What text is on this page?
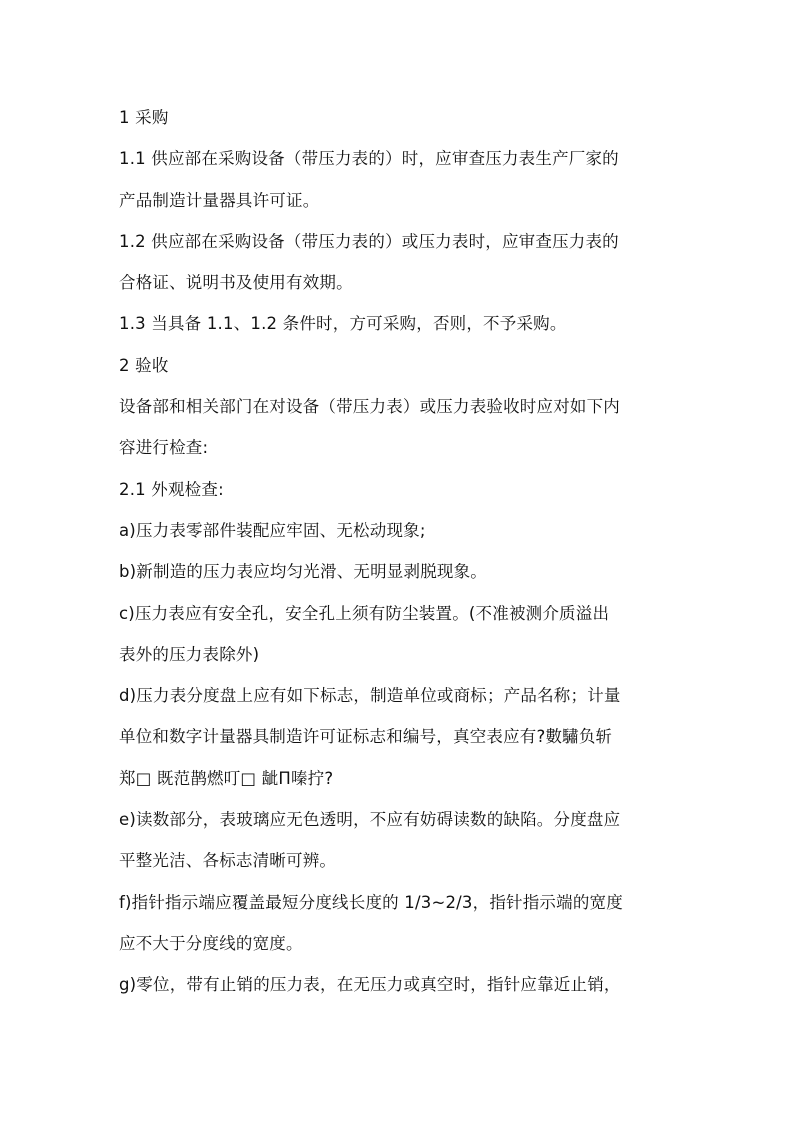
1 采购
1.1 供应部在采购设备（带压力表的）时，应审查压力表生产厂家的
产品制造计量器具许可证。
1.2 供应部在采购设备（带压力表的）或压力表时，应审查压力表的
合格证、说明书及使用有效期。
1.3 当具备 1.1、1.2 条件时，方可采购，否则，不予采购。
2 验收
设备部和相关部门在对设备（带压力表）或压力表验收时应对如下内
容进行检查:
2.1 外观检查:
a)压力表零部件装配应牢固、无松动现象;
b)新制造的压力表应均匀光滑、无明显剥脱现象。
c)压力表应有安全孔，安全孔上须有防尘装置。(不准被测介质溢出
表外的压力表除外)
d)压力表分度盘上应有如下标志，制造单位或商标；产品名称；计量
单位和数字计量器具制造许可证标志和编号，真空表应有?數驌负斩
郑□ 既范鹊燃叮□ 龇П嗪拧?
e)读数部分，表玻璃应无色透明，不应有妨碍读数的缺陷。分度盘应
平整光洁、各标志清晰可辨。
f)指针指示端应覆盖最短分度线长度的 1/3~2/3，指针指示端的宽度
应不大于分度线的宽度。
g)零位，带有止销的压力表，在无压力或真空时，指针应靠近止销，
